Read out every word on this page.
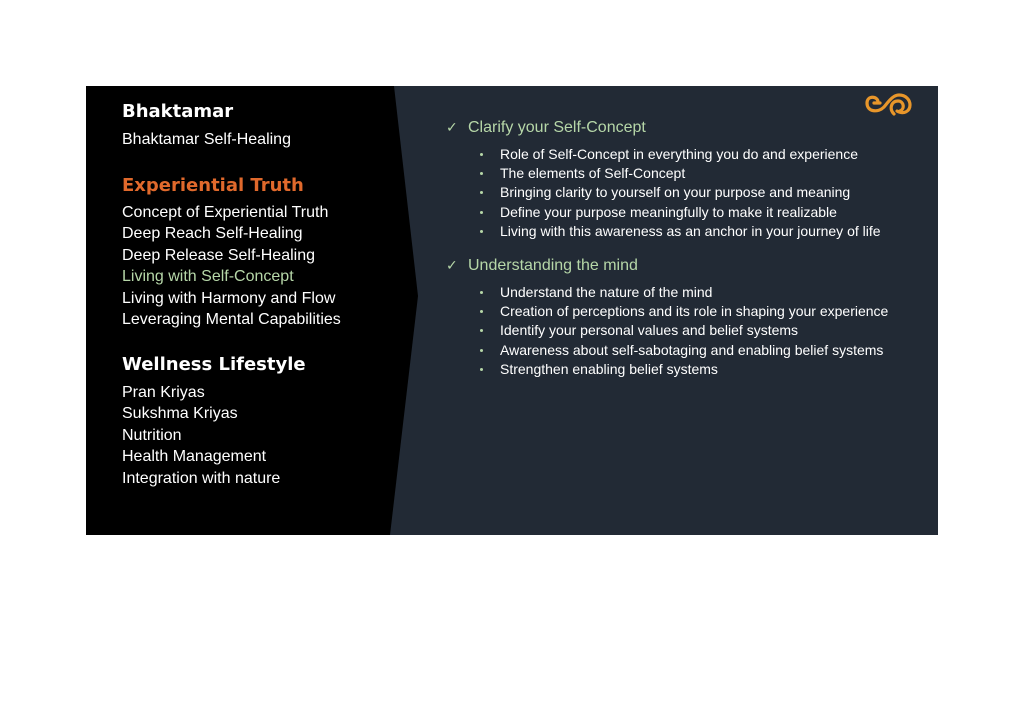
Bhaktamar
Bhaktamar Self-Healing
Experiential Truth
Concept of Experiential Truth
Deep Reach Self-Healing
Deep Release Self-Healing
Living with Self-Concept
Living with Harmony and Flow
Leveraging Mental Capabilities
Wellness Lifestyle
Pran Kriyas
Sukshma Kriyas
Nutrition
Health Management
Integration with nature
✓ Clarify your Self-Concept
Role of Self-Concept in everything you do and experience
The elements of Self-Concept
Bringing clarity to yourself on your purpose and meaning
Define your purpose meaningfully to make it realizable
Living with this awareness as an anchor in your journey of life
✓ Understanding the mind
Understand the nature of the mind
Creation of perceptions and its role in shaping your experience
Identify your personal values and belief systems
Awareness about self-sabotaging and enabling belief systems
Strengthen enabling belief systems
